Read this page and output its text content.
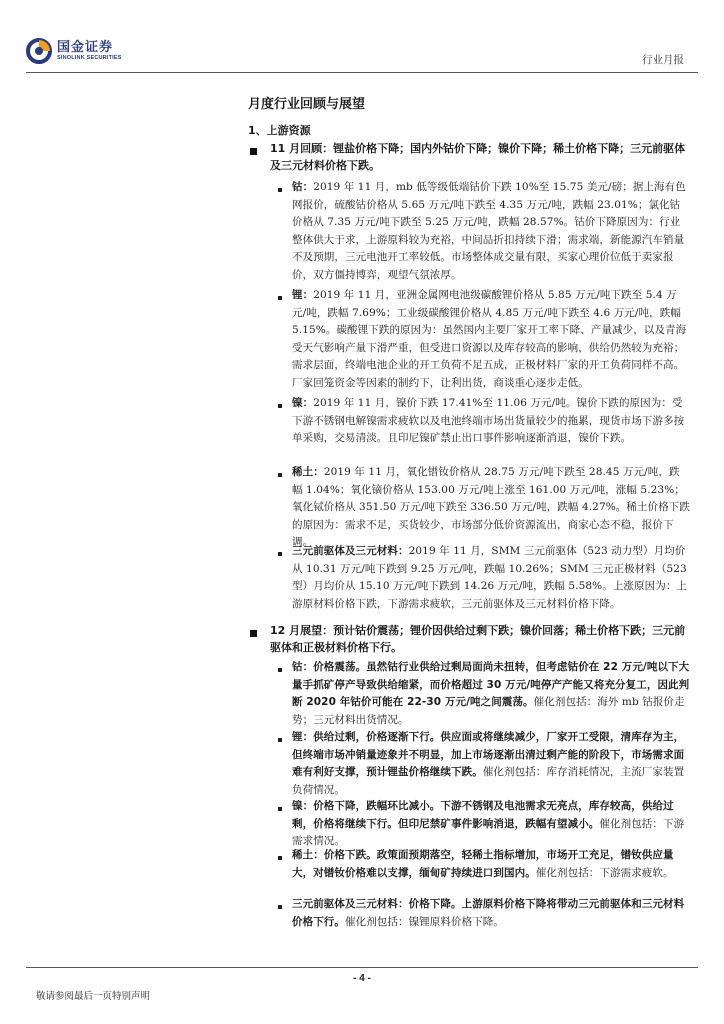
国金证券
SINOLINK SECURITIES	行业月报
月度行业回顾与展望
1、上游资源
11 月回顾：锂盐价格下降；国内外钴价下降；镍价下降；稀土价格下降；三元前驱体及三元材料价格下跌。
钴：2019 年 11 月，mb 低等级低端钴价下跌 10%至 15.75 美元/磅；据上海有色网报价，硫酸钴价格从 5.65 万元/吨下跌至 4.35 万元/吨，跌幅 23.01%；氯化钴价格从 7.35 万元/吨下跌至 5.25 万元/吨，跌幅 28.57%。钴价下降原因为：行业整体供大于求，上游原料较为充裕，中间品折扣持续下滑；需求端，新能源汽车销量不及预期，三元电池开工率较低。市场整体成交量有限，买家心理价位低于卖家报价，双方僵持博弈，观望气氛浓厚。
锂：2019 年 11 月，亚洲金属网电池级碳酸锂价格从 5.85 万元/吨下跌至 5.4 万元/吨，跌幅 7.69%；工业级碳酸锂价格从 4.85 万元/吨下跌至 4.6 万元/吨，跌幅 5.15%。碳酸锂下跌的原因为：虽然国内主要厂家开工率下降、产量减少，以及青海受天气影响产量下滑严重，但受进口资源以及库存较高的影响，供给仍然较为充裕；需求层面，终端电池企业的开工负荷不足五成，正极材料厂家的开工负荷同样不高。厂家回笼资金等因素的制约下，让利出货，商谈重心逐步走低。
镍：2019 年 11 月，镍价下跌 17.41%至 11.06 万元/吨。镍价下跌的原因为：受下游不锈钢电解镍需求疲软以及电池终端市场出货量较少的拖累，现货市场下游多按单采购，交易清淡。且印尼镍矿禁止出口事件影响逐渐消退，镍价下跌。
稀土：2019 年 11 月，氧化镨钕价格从 28.75 万元/吨下跌至 28.45 万元/吨，跌幅 1.04%；氧化镝价格从 153.00 万元/吨上涨至 161.00 万元/吨，涨幅 5.23%；氧化铽价格从 351.50 万元/吨下跌至 336.50 万元/吨，跌幅 4.27%。稀土价格下跌的原因为：需求不足，买货较少，市场部分低价资源流出，商家心态不稳，报价下调。
三元前驱体及三元材料：2019 年 11 月，SMM 三元前驱体（523 动力型）月均价从 10.31 万元/吨下跌到 9.25 万元/吨，跌幅 10.26%；SMM 三元正极材料（523 型）月均价从 15.10 万元/吨下跌到 14.26 万元/吨，跌幅 5.58%。上涨原因为：上游原材料价格下跌，下游需求疲软，三元前驱体及三元材料价格下降。
12 月展望：预计钴价震荡；锂价因供给过剩下跌；镍价回落；稀土价格下跌；三元前驱体和正极材料价格下行。
钴：价格震荡。虽然钴行业供给过剩局面尚未扭转，但考虑钴价在 22 万元/吨以下大量手抓矿停产导致供给缩紧，而价格超过 30 万元/吨停产产能又将充分复工，因此判断 2020 年钴价可能在 22-30 万元/吨之间震荡。催化剂包括：海外 mb 钴报价走势；三元材料出货情况。
锂：供给过剩，价格逐渐下行。供应面或将继续减少，厂家开工受限，清库存为主，但终端市场冲销量迹象并不明显，加上市场逐渐出清过剩产能的阶段下，市场需求面难有利好支撑，预计锂盐价格继续下跌。催化剂包括：库存消耗情况，主流厂家装置负荷情况。
镍：价格下降，跌幅环比减小。下游不锈钢及电池需求无亮点，库存较高，供给过剩，价格将继续下行。但印尼禁矿事件影响消退，跌幅有望减小。催化剂包括：下游需求情况。
稀土：价格下跌。政策面预期落空，轻稀土指标增加，市场开工充足，镨钕供应量大，对镨钕价格难以支撑，缅甸矿持续进口到国内。催化剂包括：下游需求疲软。
三元前驱体及三元材料：价格下降。上游原料价格下降将带动三元前驱体和三元材料价格下行。催化剂包括：镍锂原料价格下降。
- 4 -
敬请参阅最后一页特别声明
